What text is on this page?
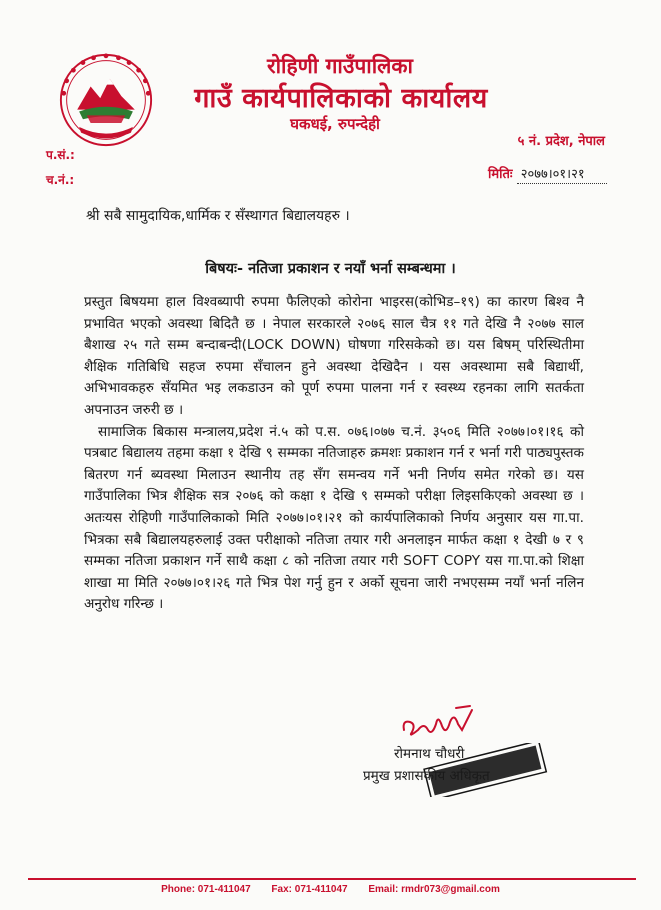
रोहिणी गाउँपालिका
गाउँ कार्यपालिकाको कार्यालय
घकधई, रुपन्देही
५ नं. प्रदेश, नेपाल
प.सं.:
च.नं.:	मितिः २०७७।०१।२१
श्री सबै सामुदायिक,धार्मिक र सँस्थागत बिद्यालयहरु ।
बिषयः- नतिजा प्रकाशन र नयाँ भर्ना सम्बन्धमा ।

प्रस्तुत बिषयमा हाल विश्वब्यापी रुपमा फैलिएको कोरोना भाइरस(कोभिड–१९) का कारण बिश्व नै प्रभावित भएको अवस्था बिदितै छ । नेपाल सरकारले २०७६ साल चैत्र ११ गते देखि नै २०७७ साल बैशाख २५ गते सम्म बन्दाबन्दी(LOCK DOWN) घोषणा गरिसकेको छ। यस बिषम् परिस्थितीमा शैक्षिक गतिबिधि सहज रुपमा सँचालन हुने अवस्था देखिदैन । यस अवस्थामा सबै बिद्यार्थी, अभिभावकहरु सँयमित भइ लकडाउन को पूर्ण रुपमा पालना गर्न र स्वस्थ्य रहनका लागि सतर्कता अपनाउन जरुरी छ ।

सामाजिक बिकास मन्त्रालय,प्रदेश नं.५ को प.स. ०७६।०७७ च.नं. ३५०६ मिति २०७७।०१।१६ को पत्रबाट बिद्यालय तहमा कक्षा १ देखि ९ सम्मका नतिजाहरु क्रमशः प्रकाशन गर्न र भर्ना गरी पाठ्यपुस्तक बितरण गर्न ब्यवस्था मिलाउन स्थानीय तह सँग समन्वय गर्ने भनी निर्णय समेत गरेको छ। यस गाउँपालिका भित्र शैक्षिक सत्र २०७६ को कक्षा १ देखि ९ सम्मको परीक्षा लिइसकिएको अवस्था छ ।अतःयस रोहिणी गाउँपालिकाको मिति २०७७।०१।२१ को कार्यपालिकाको निर्णय अनुसार यस गा.पा. भित्रका सबै बिद्यालयहरुलाई उक्त परीक्षाको नतिजा तयार गरी अनलाइन मार्फत कक्षा १ देखी ७ र ९ सम्मका नतिजा प्रकाशन गर्ने साथै कक्षा ८ को नतिजा तयार गरी SOFT COPY यस गा.पा.को शिक्षा शाखा मा मिति २०७७।०१।२६ गते भित्र पेश गर्नु हुन र अर्को सूचना जारी नभएसम्म नयाँ भर्ना नलिन अनुरोध गरिन्छ ।

रोमनाथ चौधरी
प्रमुख प्रशासकीय अधिकृत
Phone: 071-411047 Fax: 071-411047 Email: rmdr073@gmail.com
